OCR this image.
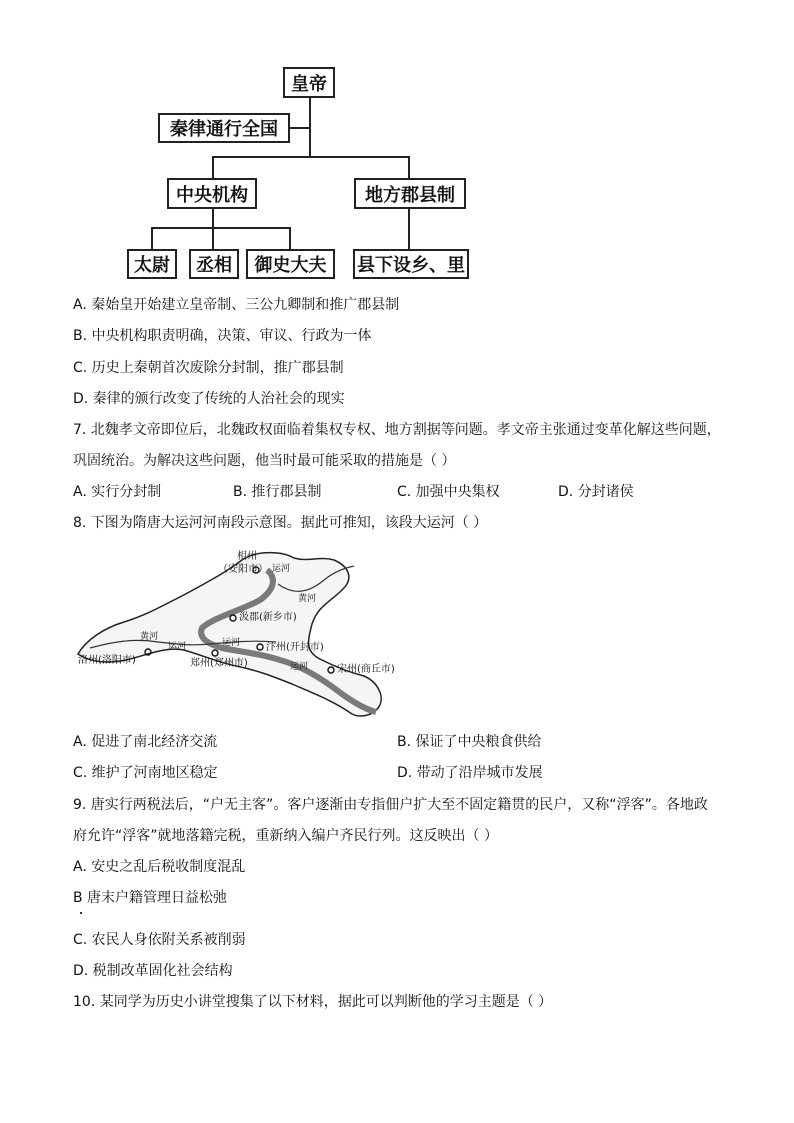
皇帝
秦律通行全国
中央机构	地方郡县制
太尉	丞相	御史大夫	县下设乡、里
A. 秦始皇开始建立皇帝制、三公九卿制和推广郡县制
B. 中央机构职责明确，决策、审议、行政为一体
C. 历史上秦朝首次废除分封制，推广郡县制
D. 秦律的颁行改变了传统的人治社会的现实
7. 北魏孝文帝即位后，北魏政权面临着集权专权、地方割据等问题。孝文帝主张通过变革化解这些问题，
巩固统治。为解决这些问题，他当时最可能采取的措施是（ ）
A. 实行分封制	B. 推行郡县制	C. 加强中央集权	D. 分封诸侯
8. 下图为隋唐大运河河南段示意图。据此可推知，该段大运河（ ）
相州
（安阳市） 运河
黄河
汲郡(新乡市)
黄河
运河	运河
洛州(洛阳市)	郑州(郑州市)
汴州(开封市)
运河	宋州(商丘市)
A. 促进了南北经济交流	B. 保证了中央粮食供给
C. 维护了河南地区稳定	D. 带动了沿岸城市发展
9. 唐实行两税法后，“户无主客”。客户逐渐由专指佃户扩大至不固定籍贯的民户，又称“浮客”。各地政
府允许“浮客”就地落籍完税，重新纳入编户齐民行列。这反映出（ ）
A. 安史之乱后税收制度混乱
B 唐末户籍管理日益松弛
C. 农民人身依附关系被削弱
D. 税制改革固化社会结构
10. 某同学为历史小讲堂搜集了以下材料，据此可以判断他的学习主题是（ ）
